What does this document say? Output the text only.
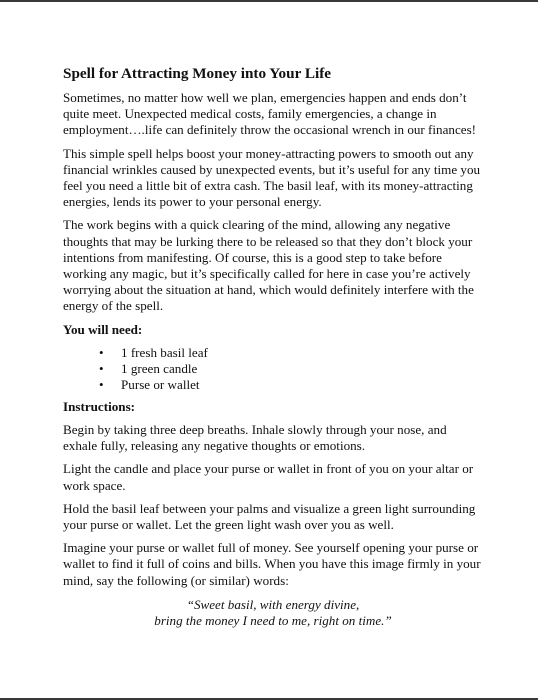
Spell for Attracting Money into Your Life

Sometimes, no matter how well we plan, emergencies happen and ends don’t quite meet. Unexpected medical costs, family emergencies, a change in employment….life can definitely throw the occasional wrench in our finances!

This simple spell helps boost your money-attracting powers to smooth out any financial wrinkles caused by unexpected events, but it’s useful for any time you feel you need a little bit of extra cash. The basil leaf, with its money-attracting energies, lends its power to your personal energy.

The work begins with a quick clearing of the mind, allowing any negative thoughts that may be lurking there to be released so that they don’t block your intentions from manifesting. Of course, this is a good step to take before working any magic, but it’s specifically called for here in case you’re actively worrying about the situation at hand, which would definitely interfere with the energy of the spell.

You will need:
• 1 fresh basil leaf
• 1 green candle
• Purse or wallet
Instructions:

Begin by taking three deep breaths. Inhale slowly through your nose, and exhale fully, releasing any negative thoughts or emotions.

Light the candle and place your purse or wallet in front of you on your altar or work space.

Hold the basil leaf between your palms and visualize a green light surrounding your purse or wallet. Let the green light wash over you as well.

Imagine your purse or wallet full of money. See yourself opening your purse or wallet to find it full of coins and bills. When you have this image firmly in your mind, say the following (or similar) words:

“Sweet basil, with energy divine,
bring the money I need to me, right on time.”
